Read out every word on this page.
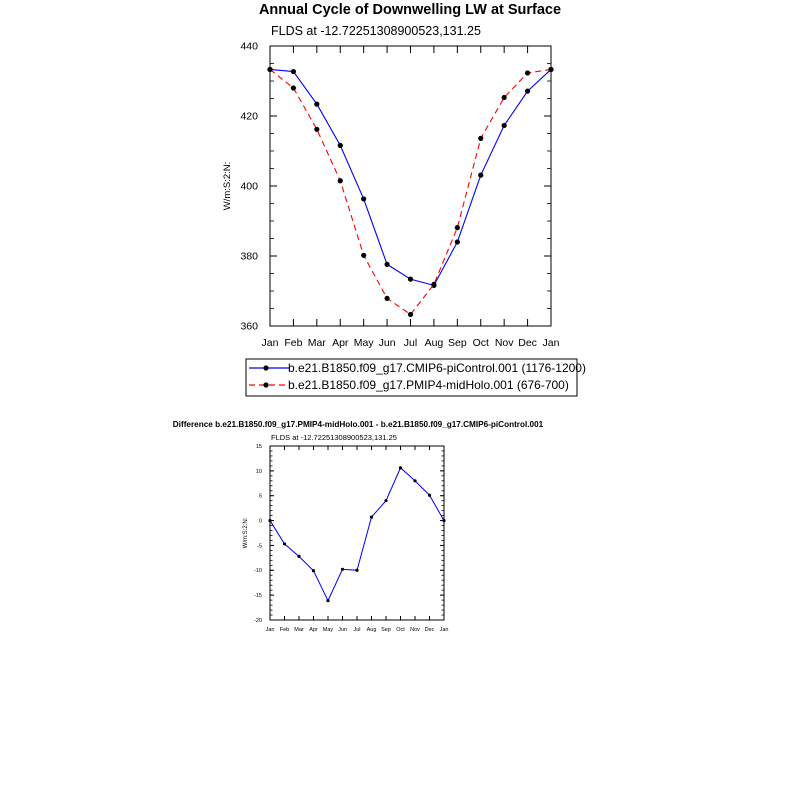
Annual Cycle of Downwelling LW at Surface
FLDS at -12.72251308900523,131.25
W/m:S:2:N:
360
380
400
420
440
Jan Feb Mar Apr May Jun Jul Aug Sep Oct Nov Dec Jan
b.e21.B1850.f09_g17.CMIP6-piControl.001 (1176-1200)
b.e21.B1850.f09_g17.PMIP4-midHolo.001 (676-700)
Difference b.e21.B1850.f09_g17.PMIP4-midHolo.001 - b.e21.B1850.f09_g17.CMIP6-piControl.001
FLDS at -12.72251308900523,131.25
W/m:S:2:N:
-20
-15
-10
-5
0
5
10
15
Jan Feb Mar Apr May Jun Jul Aug Sep Oct Nov Dec Jan
